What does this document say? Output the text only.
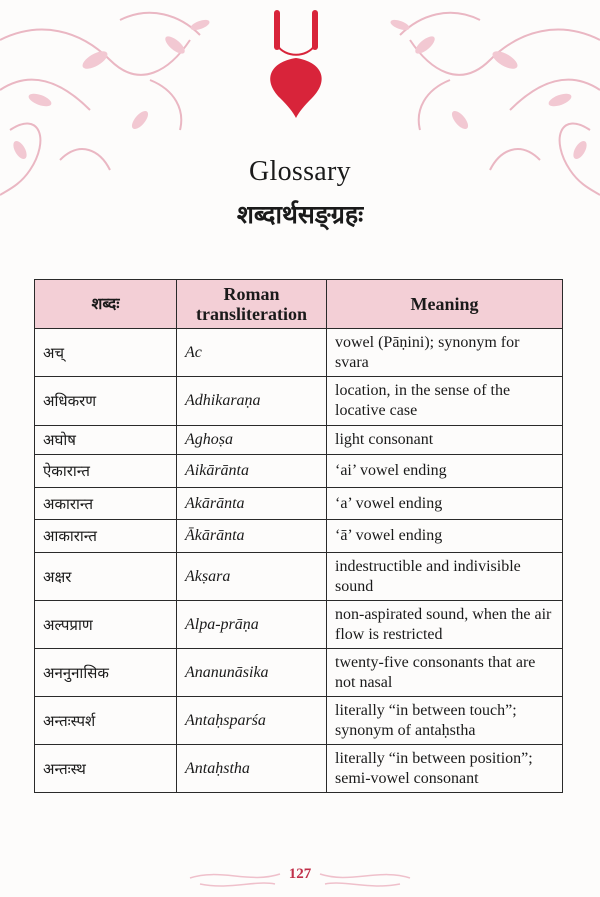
Glossary
शब्दार्थसङ्ग्रहः
शब्दः	Roman transliteration	Meaning
अच्	Ac	vowel (Pāṇini); synonym for svara
अधिकरण	Adhikaraṇa	location, in the sense of the locative case
अघोष	Aghoṣa	light consonant
ऐकारान्त	Aikārānta	‘ai’ vowel ending
अकारान्त	Akārānta	‘a’ vowel ending
आकारान्त	Ākārānta	‘ā’ vowel ending
अक्षर	Akṣara	indestructible and indivisible sound
अल्पप्राण	Alpa-prāṇa	non-aspirated sound, when the air flow is restricted
अननुनासिक	Ananunāsika	twenty-five consonants that are not nasal
अन्तःस्पर्श	Antaḥsparśa	literally “in between touch”; synonym of antaḥstha
अन्तःस्थ	Antaḥstha	literally “in between position”; semi-vowel consonant
127
